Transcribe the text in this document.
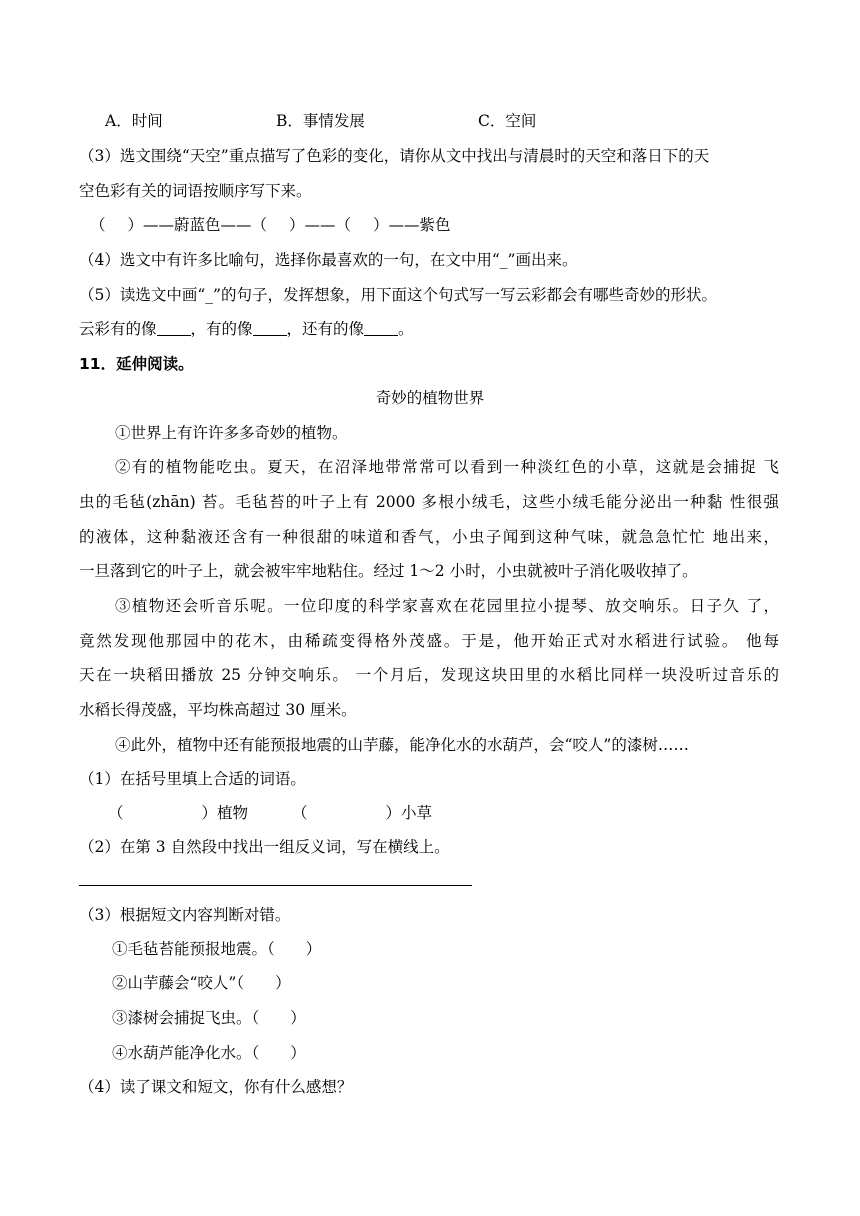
A．时间	B．事情发展	C．空间
（3）选文围绕“天空”重点描写了色彩的变化，请你从文中找出与清晨时的天空和落日下的天
空色彩有关的词语按顺序写下来。
（ ）——蔚蓝色——（ ）——（ ）——紫色
（4）选文中有许多比喻句，选择你最喜欢的一句，在文中用“_”画出来。
（5）读选文中画“_”的句子，发挥想象，用下面这个句式写一写云彩都会有哪些奇妙的形状。
云彩有的像 ，有的像 ，还有的像 。
11．延伸阅读。
奇妙的植物世界
①世界上有许许多多奇妙的植物。
②有的植物能吃虫。夏天，在沼泽地带常常可以看到一种淡红色的小草，这就是会捕捉 飞
虫的毛毡(zhān) 苔。毛毡苔的叶子上有 2000 多根小绒毛，这些小绒毛能分泌出一种黏 性很强
的液体，这种黏液还含有一种很甜的味道和香气，小虫子闻到这种气味，就急急忙忙 地出来，
一旦落到它的叶子上，就会被牢牢地粘住。经过 1～2 小时，小虫就被叶子消化吸收掉了。
③植物还会听音乐呢。一位印度的科学家喜欢在花园里拉小提琴、放交响乐。日子久 了，
竟然发现他那园中的花木，由稀疏变得格外茂盛。于是，他开始正式对水稻进行试验。 他每
天在一块稻田播放 25 分钟交响乐。 一个月后，发现这块田里的水稻比同样一块没听过音乐的
水稻长得茂盛，平均株高超过 30 厘米。
④此外，植物中还有能预报地震的山芋藤，能净化水的水葫芦，会“咬人”的漆树……
（1）在括号里填上合适的词语。
（	）植物	（	）小草
（2）在第 3 自然段中找出一组反义词，写在横线上。
（3）根据短文内容判断对错。
①毛毡苔能预报地震。（　　）
②山芋藤会“咬人”（　　）
③漆树会捕捉飞虫。（　　）
④水葫芦能净化水。（　　）
（4）读了课文和短文，你有什么感想？
